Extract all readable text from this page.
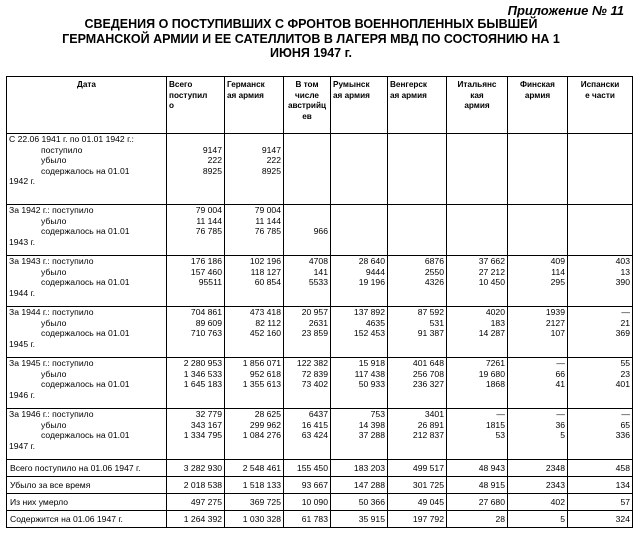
Приложение № 11
СВЕДЕНИЯ О ПОСТУПИВШИХ С ФРОНТОВ ВОЕННОПЛЕННЫХ БЫВШЕЙ
ГЕРМАНСКОЙ АРМИИ И ЕЕ САТЕЛЛИТОВ В ЛАГЕРЯ МВД ПО СОСТОЯНИЮ НА 1
ИЮНЯ 1947 г.
Дата	Всего
поступил
о	Германск
ая армия	В том
числе
австрийц
ев	Румынск
ая армия	Венгерск
ая армия	Итальянс
кая
армия	Финская
армия	Испански
е части

С 22.06 1941 г. по 01.01 1942 г.:
поступило
убыло
содержалось на 01.01
1942 г.	9147
222
8925	9147
222
8925						

За 1942 г.: поступило
убыло
содержалось на 01.01
1943 г.	79 004
11 144
76 785	79 004
11 144
76 785	966					

За 1943 г.: поступило
убыло
содержалось на 01.01
1944 г.	176 186
157 460
95511	102 196
118 127
60 854	4708
141
5533	28 640
9444
19 196	6876
2550
4326	37 662
27 212
10 450	409
114
295	403
13
390

За 1944 г.: поступило
убыло
содержалось на 01.01
1945 г.	704 861
89 609
710 763	473 418
82 112
452 160	20 957
2631
23 859	137 892
4635
152 453	87 592
531
91 387	4020
183
14 287	1939
2127
107	—
21
369

За 1945 г.: поступило
убыло
содержалось на 01.01
1946 г.	2 280 953
1 346 533
1 645 183	1 856 071
952 618
1 355 613	122 382
72 839
73 402	15 918
117 438
50 933	401 648
256 708
236 327	7261
19 680
1868	—
66
41	55
23
401

За 1946 г.: поступило
убыло
содержалось на 01.01
1947 г.	32 779
343 167
1 334 795	28 625
299 962
1 084 276	6437
16 415
63 424	753
14 398
37 288	3401
26 891
212 837	—
1815
53	—
36
5	—
65
336

Всего поступило на 01.06 1947 г.	3 282 930	2 548 461	155 450	183 203	499 517	48 943	2348	458
Убыло за все время	2 018 538	1 518 133	93 667	147 288	301 725	48 915	2343	134
Из них умерло	497 275	369 725	10 090	50 366	49 045	27 680	402	57
Содержится на 01.06 1947 г.	1 264 392	1 030 328	61 783	35 915	197 792	28	5	324
